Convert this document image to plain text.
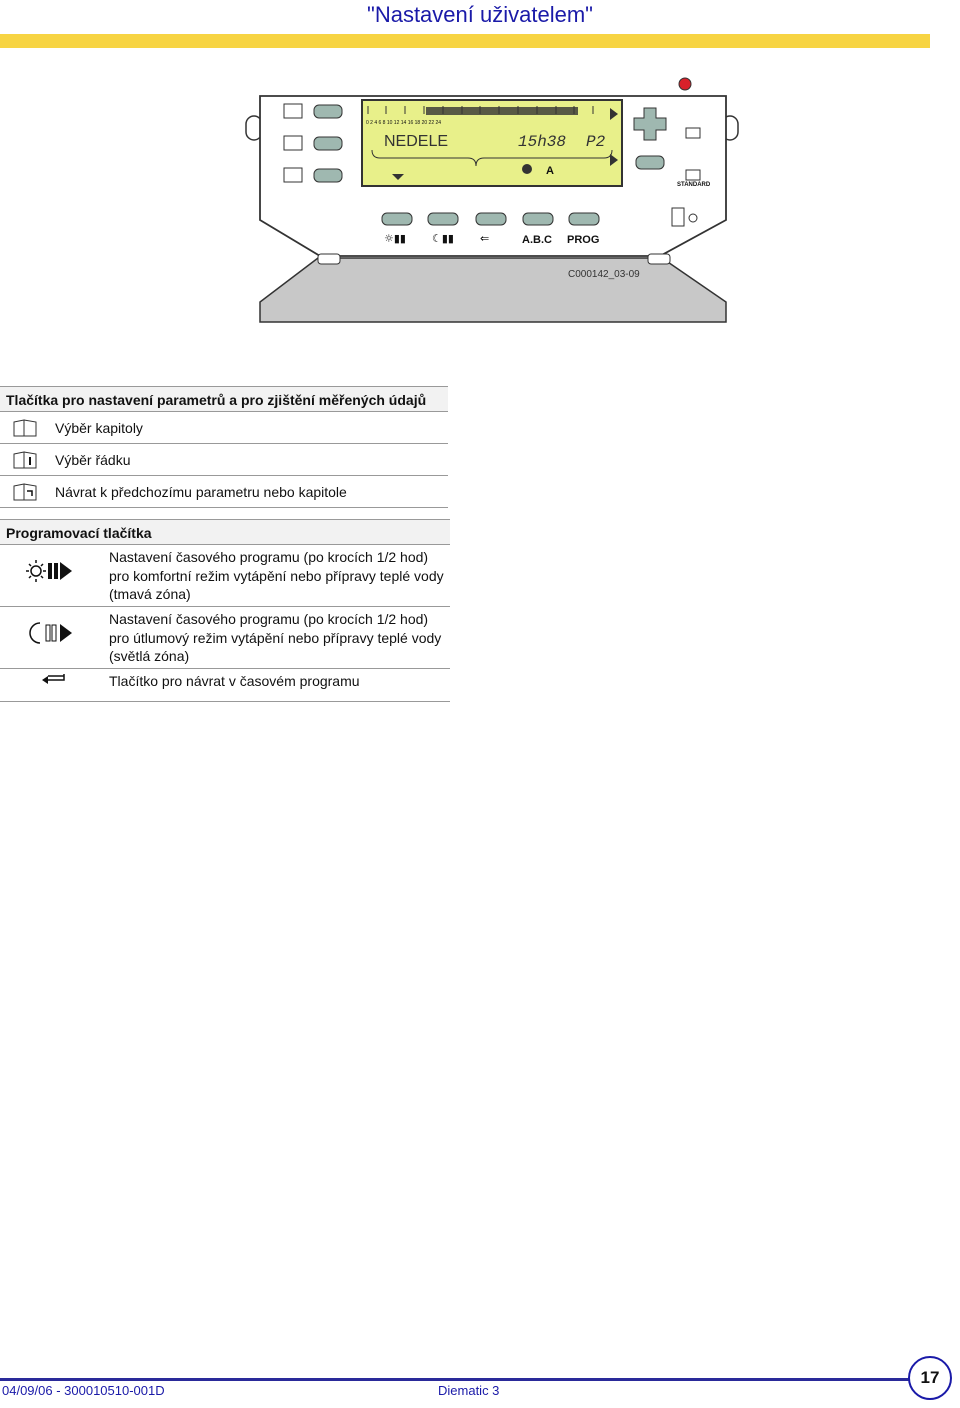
"Nastavení uživatelem"
0 2 4 6 8 10 12 14 16 18 20 22 24
NEDELE	15h38 P2
A
STANDARD
☼▮▮ ☾▮▮ ⇐	A.B.C PROG
C000142_03-09
Tlačítka pro nastavení parametrů a pro zjištění měřených údajů
Výběr kapitoly
Výběr řádku
Návrat k předchozímu parametru nebo kapitole
Programovací tlačítka
Nastavení časového programu (po krocích 1/2 hod) pro komfortní režim vytápění nebo přípravy teplé vody (tmavá zóna)
Nastavení časového programu (po krocích 1/2 hod) pro útlumový režim vytápění nebo přípravy teplé vody (světlá zóna)
Tlačítko pro návrat v časovém programu
04/09/06 - 300010510-001D	Diematic 3
17
